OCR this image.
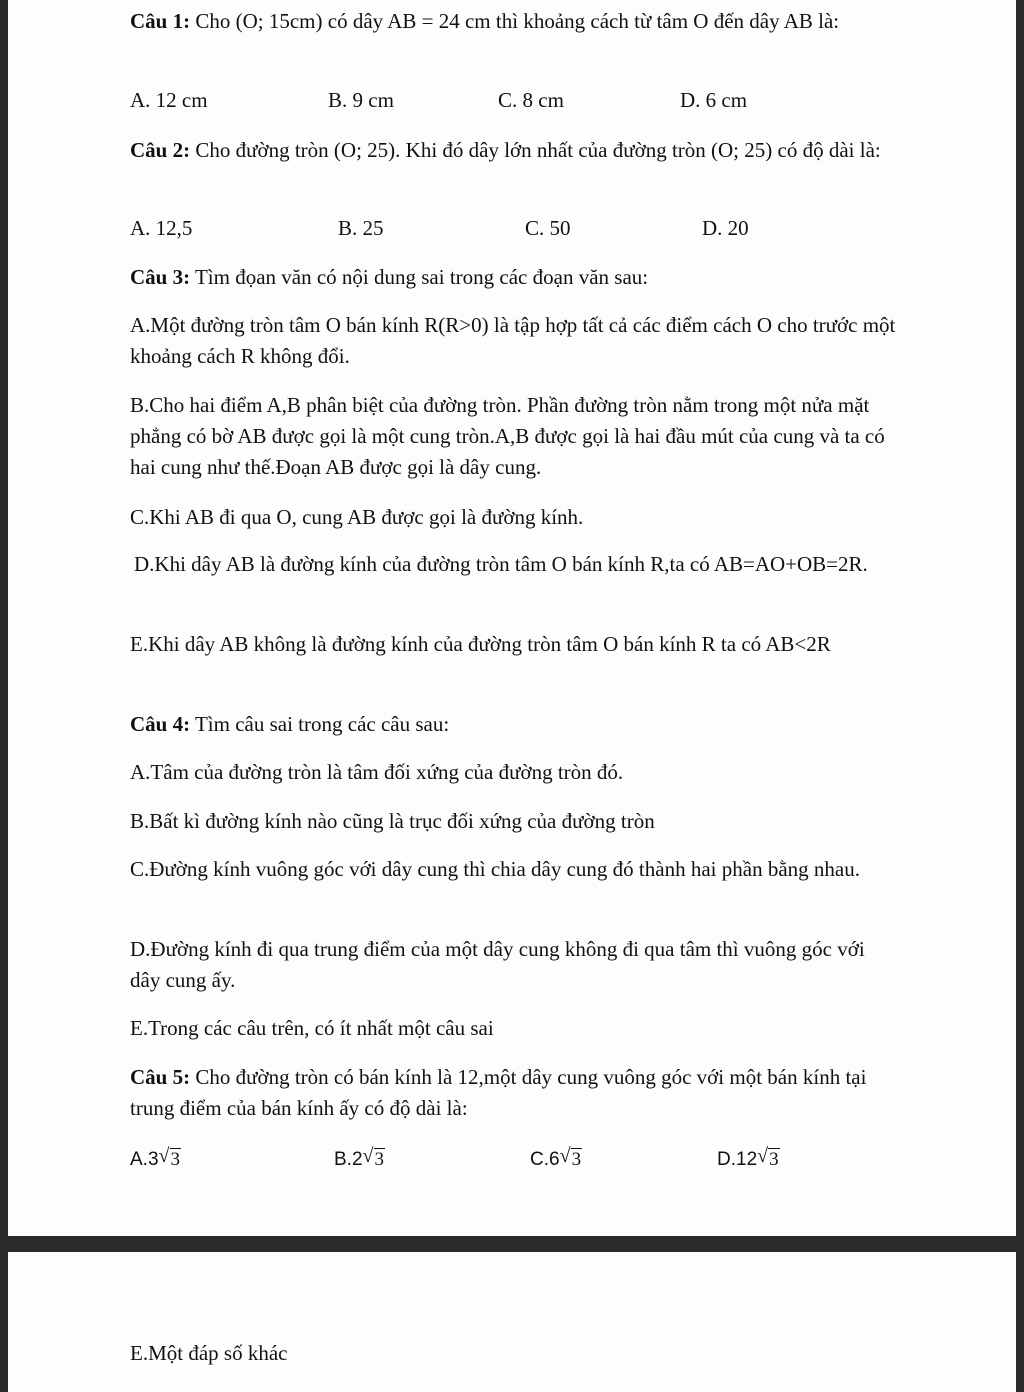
Câu 1: Cho (O; 15cm) có dây AB = 24 cm thì khoảng cách từ tâm O đến dây AB là:

A. 12 cm	B. 9 cm	C. 8 cm	D. 6 cm

Câu 2: Cho đường tròn (O; 25). Khi đó dây lớn nhất của đường tròn (O; 25) có độ dài là:

A. 12,5	B. 25	C. 50	D. 20

Câu 3: Tìm đọan văn có nội dung sai trong các đoạn văn sau:

A.Một đường tròn tâm O bán kính R(R>0) là tập hợp tất cả các điểm cách O cho trước một khoảng cách R không đổi.

B.Cho hai điểm A,B phân biệt của đường tròn. Phần đường tròn nằm trong một nửa mặt phẳng có bờ AB được gọi là một cung tròn.A,B được gọi là hai đầu mút của cung và ta có hai cung như thế.Đoạn AB được gọi là dây cung.

C.Khi AB đi qua O, cung AB được gọi là đường kính.

D.Khi dây AB là đường kính của đường tròn tâm O bán kính R,ta có AB=AO+OB=2R.

E.Khi dây AB không là đường kính của đường tròn tâm O bán kính R ta có AB<2R

Câu 4: Tìm câu sai trong các câu sau:

A.Tâm của đường tròn là tâm đối xứng của đường tròn đó.

B.Bất kì đường kính nào cũng là trục đối xứng của đường tròn

C.Đường kính vuông góc với dây cung thì chia dây cung đó thành hai phần bằng nhau.

D.Đường kính đi qua trung điểm của một dây cung không đi qua tâm thì vuông góc với dây cung ấy.

E.Trong các câu trên, có ít nhất một câu sai

Câu 5: Cho đường tròn có bán kính là 12,một dây cung vuông góc với một bán kính tại trung điểm của bán kính ấy có độ dài là:

A.3 √ 3	B.2 √ 3	C.6 √ 3	D.12 √ 3

E.Một đáp số khác
